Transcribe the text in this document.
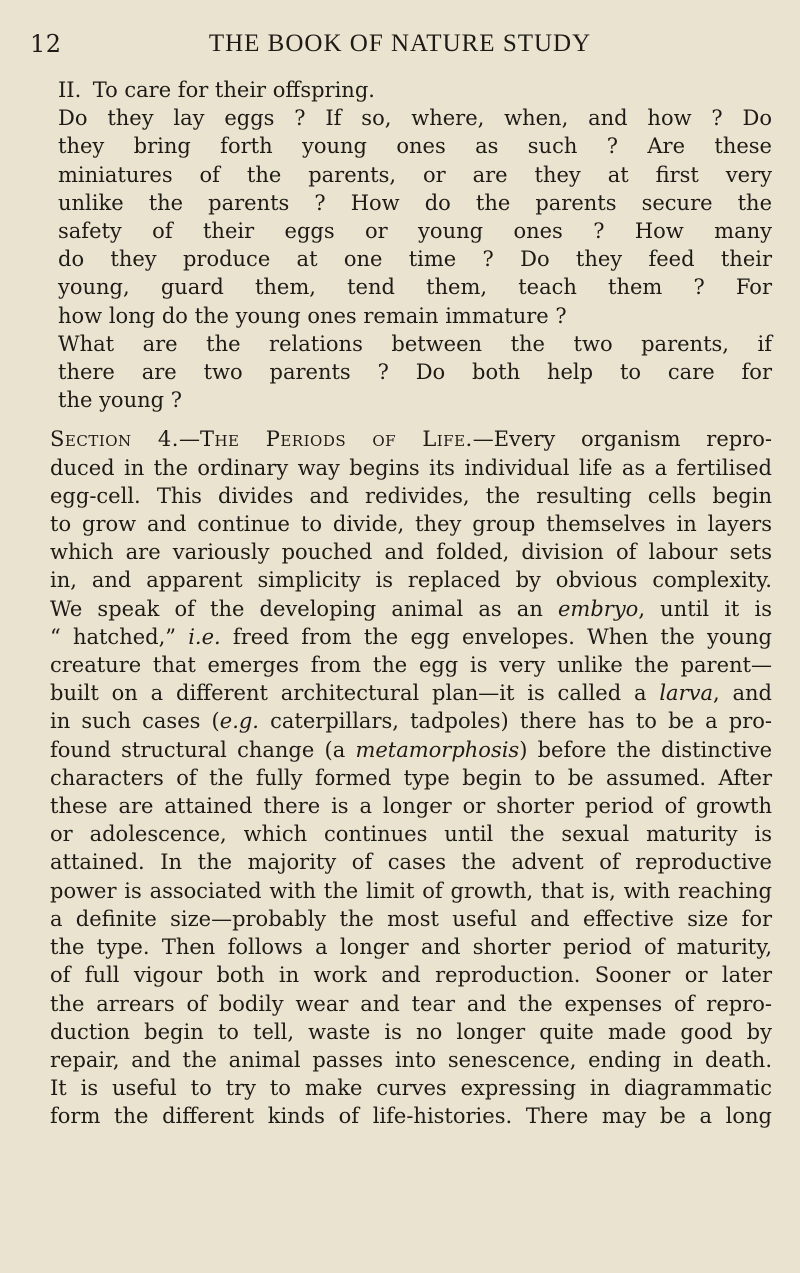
12	THE BOOK OF NATURE STUDY
II. To care for their offspring.
Do they lay eggs ? If so, where, when, and how ? Do
they bring forth young ones as such ? Are these
miniatures of the parents, or are they at first very
unlike the parents ? How do the parents secure the
safety of their eggs or young ones ? How many
do they produce at one time ? Do they feed their
young, guard them, tend them, teach them ? For
how long do the young ones remain immature ?
What are the relations between the two parents, if
there are two parents ? Do both help to care for
the young ?
Section 4.—The Periods of Life.—Every organism repro-
duced in the ordinary way begins its individual life as a fertilised
egg-cell. This divides and redivides, the resulting cells begin
to grow and continue to divide, they group themselves in layers
which are variously pouched and folded, division of labour sets
in, and apparent simplicity is replaced by obvious complexity.
We speak of the developing animal as an embryo, until it is
“ hatched,” i.e. freed from the egg envelopes. When the young
creature that emerges from the egg is very unlike the parent—
built on a different architectural plan—it is called a larva, and
in such cases (e.g. caterpillars, tadpoles) there has to be a pro-
found structural change (a metamorphosis) before the distinctive
characters of the fully formed type begin to be assumed. After
these are attained there is a longer or shorter period of growth
or adolescence, which continues until the sexual maturity is
attained. In the majority of cases the advent of reproductive
power is associated with the limit of growth, that is, with reaching
a definite size—probably the most useful and effective size for
the type. Then follows a longer and shorter period of maturity,
of full vigour both in work and reproduction. Sooner or later
the arrears of bodily wear and tear and the expenses of repro-
duction begin to tell, waste is no longer quite made good by
repair, and the animal passes into senescence, ending in death.
It is useful to try to make curves expressing in diagrammatic
form the different kinds of life-histories. There may be a long
